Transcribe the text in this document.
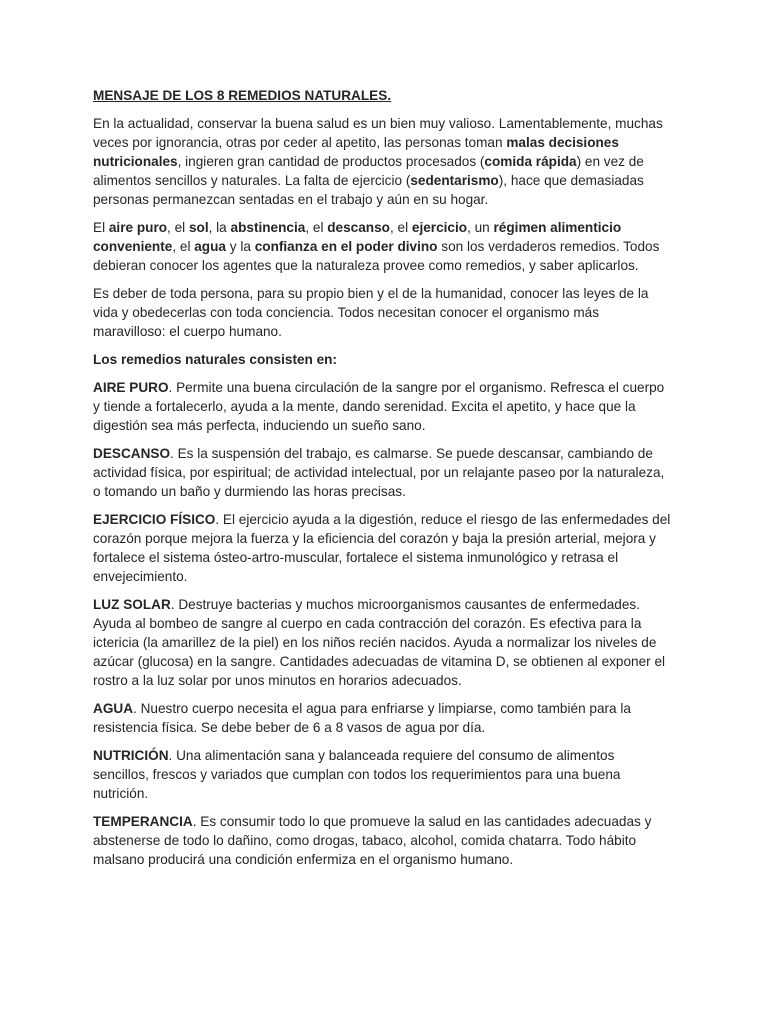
MENSAJE DE LOS 8 REMEDIOS NATURALES.
En la actualidad, conservar la buena salud es un bien muy valioso. Lamentablemente, muchas veces por ignorancia, otras por ceder al apetito, las personas toman malas decisiones nutricionales, ingieren gran cantidad de productos procesados (comida rápida) en vez de alimentos sencillos y naturales. La falta de ejercicio (sedentarismo), hace que demasiadas personas permanezcan sentadas en el trabajo y aún en su hogar.
El aire puro, el sol, la abstinencia, el descanso, el ejercicio, un régimen alimenticio conveniente, el agua y la confianza en el poder divino son los verdaderos remedios. Todos debieran conocer los agentes que la naturaleza provee como remedios, y saber aplicarlos.
Es deber de toda persona, para su propio bien y el de la humanidad, conocer las leyes de la vida y obedecerlas con toda conciencia. Todos necesitan conocer el organismo más maravilloso: el cuerpo humano.
Los remedios naturales consisten en:
AIRE PURO. Permite una buena circulación de la sangre por el organismo. Refresca el cuerpo y tiende a fortalecerlo, ayuda a la mente, dando serenidad. Excita el apetito, y hace que la digestión sea más perfecta, induciendo un sueño sano.
DESCANSO. Es la suspensión del trabajo, es calmarse. Se puede descansar, cambiando de actividad física, por espiritual; de actividad intelectual, por un relajante paseo por la naturaleza, o tomando un baño y durmiendo las horas precisas.
EJERCICIO FÍSICO. El ejercicio ayuda a la digestión, reduce el riesgo de las enfermedades del corazón porque mejora la fuerza y la eficiencia del corazón y baja la presión arterial, mejora y fortalece el sistema ósteo-artro-muscular, fortalece el sistema inmunológico y retrasa el envejecimiento.
LUZ SOLAR. Destruye bacterias y muchos microorganismos causantes de enfermedades. Ayuda al bombeo de sangre al cuerpo en cada contracción del corazón. Es efectiva para la ictericia (la amarillez de la piel) en los niños recién nacidos. Ayuda a normalizar los niveles de azúcar (glucosa) en la sangre. Cantidades adecuadas de vitamina D, se obtienen al exponer el rostro a la luz solar por unos minutos en horarios adecuados.
AGUA. Nuestro cuerpo necesita el agua para enfriarse y limpiarse, como también para la resistencia física. Se debe beber de 6 a 8 vasos de agua por día.
NUTRICIÓN. Una alimentación sana y balanceada requiere del consumo de alimentos sencillos, frescos y variados que cumplan con todos los requerimientos para una buena nutrición.
TEMPERANCIA. Es consumir todo lo que promueve la salud en las cantidades adecuadas y abstenerse de todo lo dañino, como drogas, tabaco, alcohol, comida chatarra. Todo hábito malsano producirá una condición enfermiza en el organismo humano.
